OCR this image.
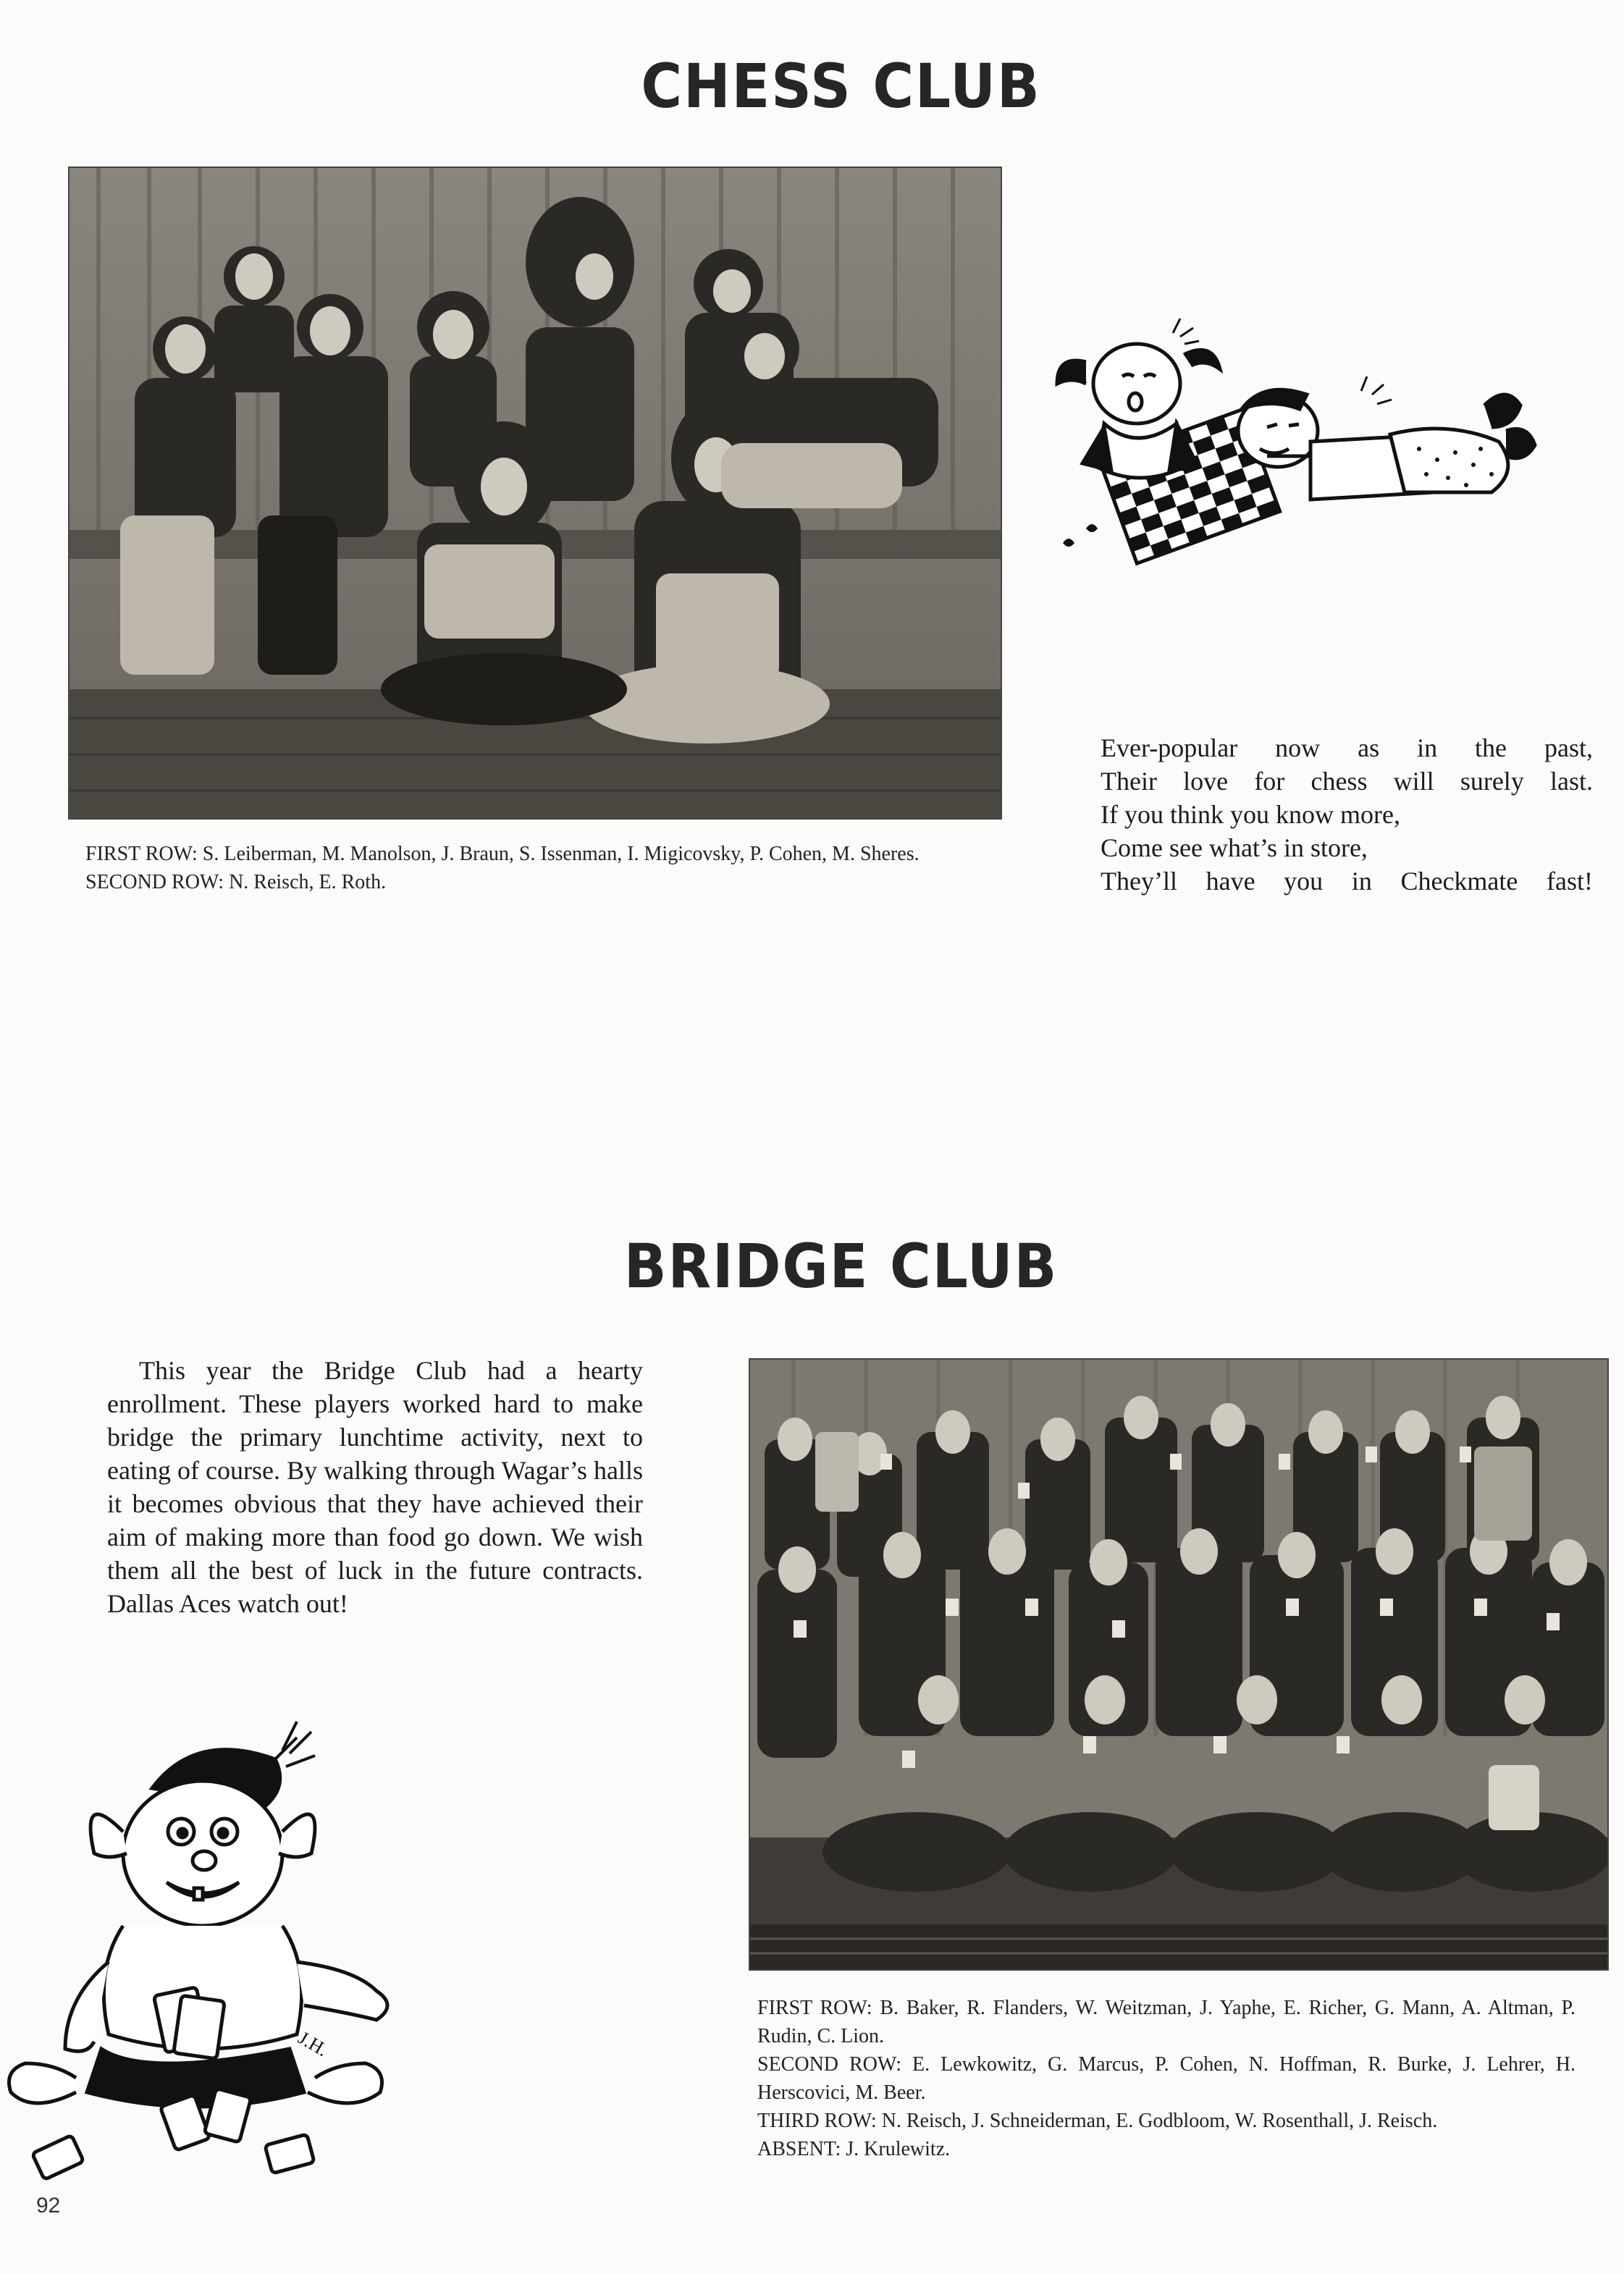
CHESS CLUB
FIRST ROW: S. Leiberman, M. Manolson, J. Braun, S. Issenman, I. Migicovsky, P. Cohen, M. Sheres.
SECOND ROW: N. Reisch, E. Roth.
Ever-popular now as in the past,
Their love for chess will surely last.
If you think you know more,
Come see what’s in store,
They’ll have you in Checkmate fast!
BRIDGE CLUB
This year the Bridge Club had a hearty enrollment. These players worked hard to make bridge the primary lunchtime activity, next to eating of course. By walking through Wagar’s halls it becomes obvious that they have achieved their aim of making more than food go down. We wish them all the best of luck in the future contracts. Dallas Aces watch out!
FIRST ROW: B. Baker, R. Flanders, W. Weitzman, J. Yaphe, E. Richer, G. Mann, A. Altman, P. Rudin, C. Lion.
SECOND ROW: E. Lewkowitz, G. Marcus, P. Cohen, N. Hoffman, R. Burke, J. Lehrer, H. Herscovici, M. Beer.
THIRD ROW: N. Reisch, J. Schneiderman, E. Godbloom, W. Rosenthall, J. Reisch.
ABSENT: J. Krulewitz.
J.H.
92
